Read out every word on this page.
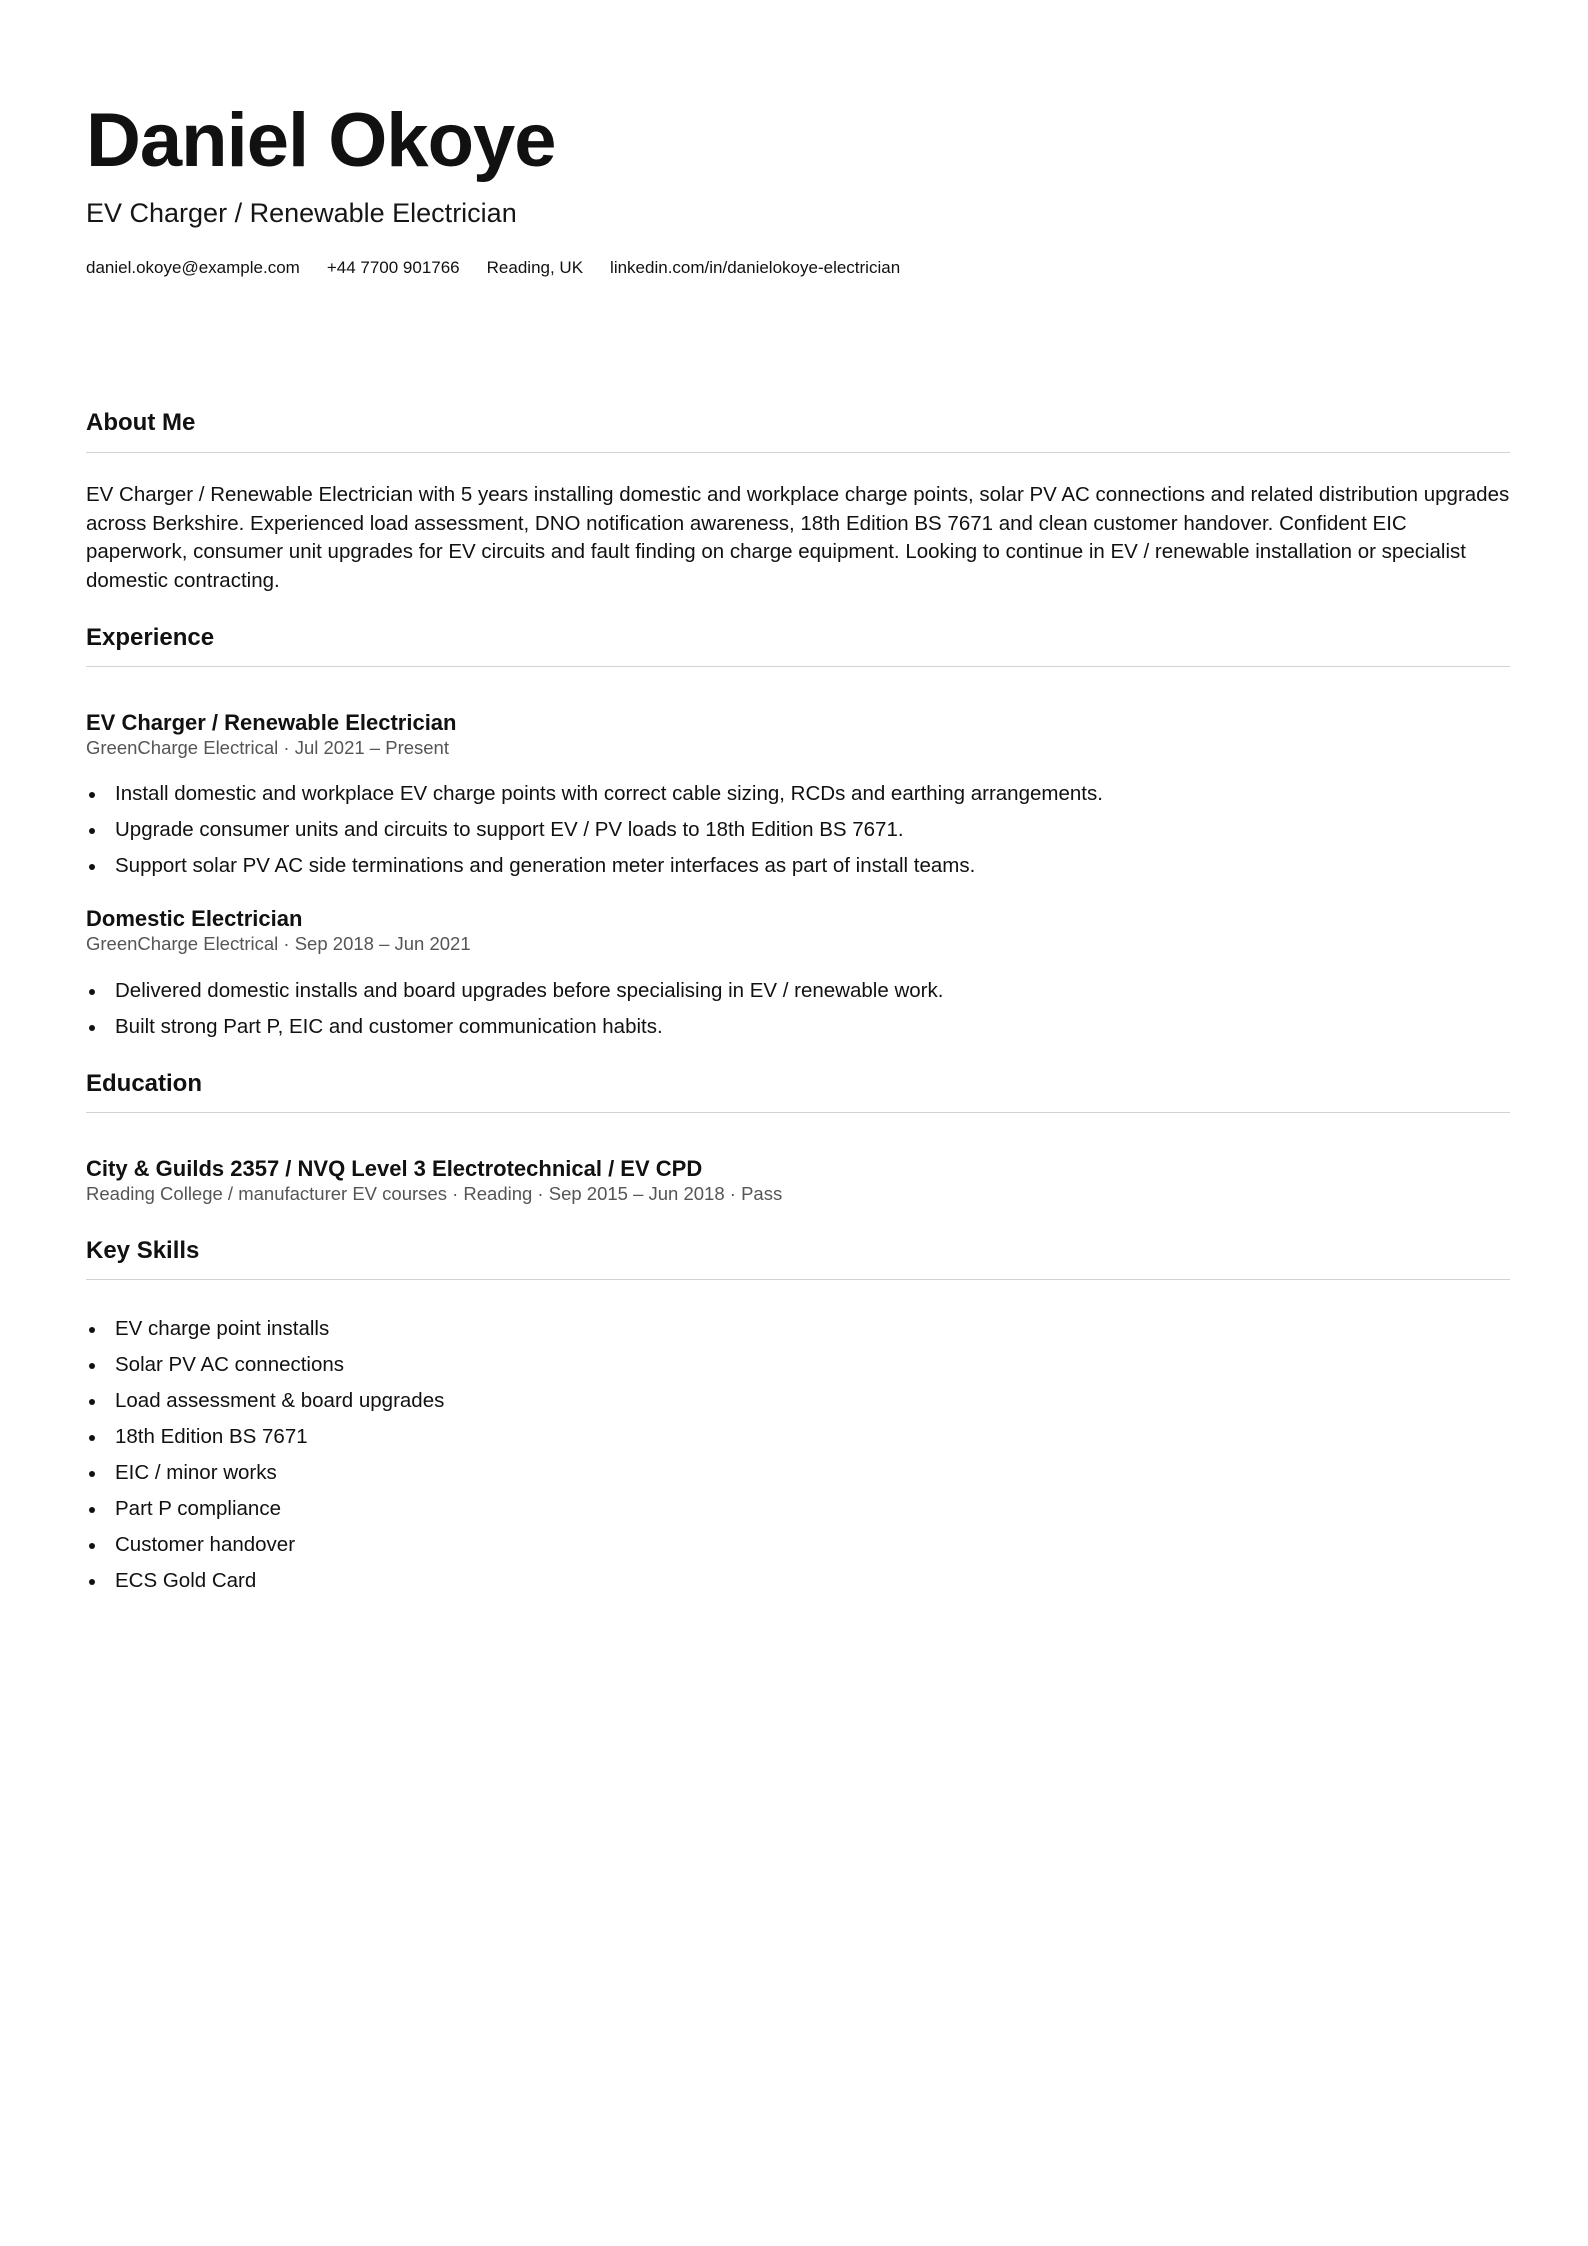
Daniel Okoye
EV Charger / Renewable Electrician
daniel.okoye@example.com +44 7700 901766 Reading, UK linkedin.com/in/danielokoye-electrician
About Me

EV Charger / Renewable Electrician with 5 years installing domestic and workplace charge points, solar PV AC connections and related distribution upgrades across Berkshire. Experienced load assessment, DNO notification awareness, 18th Edition BS 7671 and clean customer handover. Confident EIC paperwork, consumer unit upgrades for EV circuits and fault finding on charge equipment. Looking to continue in EV / renewable installation or specialist domestic contracting.

Experience
EV Charger / Renewable Electrician

GreenCharge Electrical · Jul 2021 – Present

Install domestic and workplace EV charge points with correct cable sizing, RCDs and earthing arrangements.
Upgrade consumer units and circuits to support EV / PV loads to 18th Edition BS 7671.
Support solar PV AC side terminations and generation meter interfaces as part of install teams.
Domestic Electrician

GreenCharge Electrical · Sep 2018 – Jun 2021

Delivered domestic installs and board upgrades before specialising in EV / renewable work.
Built strong Part P, EIC and customer communication habits.
Education
City & Guilds 2357 / NVQ Level 3 Electrotechnical / EV CPD

Reading College / manufacturer EV courses · Reading · Sep 2015 – Jun 2018 · Pass

Key Skills
EV charge point installs
Solar PV AC connections
Load assessment & board upgrades
18th Edition BS 7671
EIC / minor works
Part P compliance
Customer handover
ECS Gold Card
